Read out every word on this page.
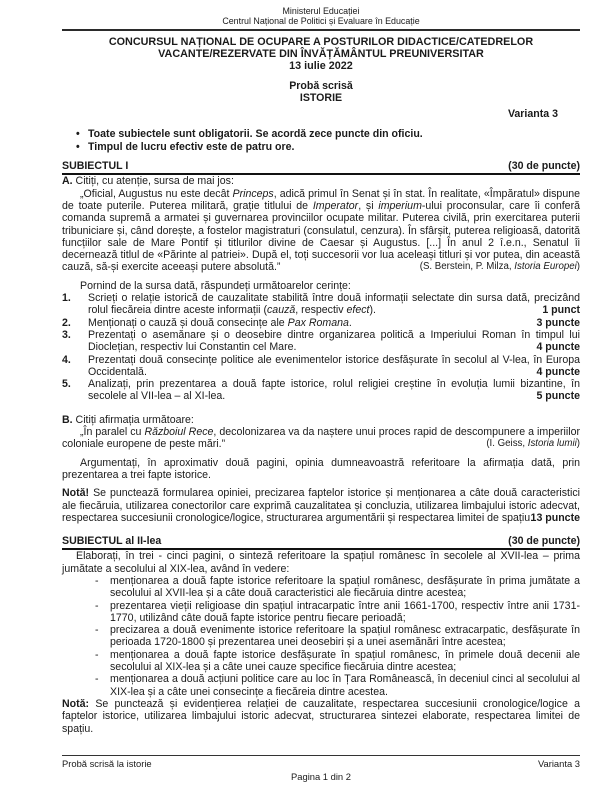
Ministerul Educației
Centrul Național de Politici și Evaluare în Educație
CONCURSUL NAȚIONAL DE OCUPARE A POSTURILOR DIDACTICE/CATEDRELOR
VACANTE/REZERVATE DIN ÎNVĂȚĂMÂNTUL PREUNIVERSITAR
13 iulie 2022
Probă scrisă
ISTORIE
Varianta 3
• Toate subiectele sunt obligatorii. Se acordă zece puncte din oficiu.
• Timpul de lucru efectiv este de patru ore.
SUBIECTUL I	(30 de puncte)

A. Citiți, cu atenție, sursa de mai jos:

„Oficial, Augustus nu este decât Princeps, adică primul în Senat și în stat. În realitate, «Împăratul» dispune de toate puterile. Puterea militară, grație titlului de Imperator, și imperium-ului proconsular, care îi conferă comanda supremă a armatei și guvernarea provinciilor ocupate militar. Puterea civilă, prin exercitarea puterii tribuniciare și, când dorește, a fostelor magistraturi (consulatul, cenzura). În sfârșit, puterea religioasă, datorită funcțiilor sale de Mare Pontif și titlurilor divine de Caesar și Augustus. [...] În anul 2 î.e.n., Senatul îi decernează titlul de «Părinte al patriei». După el, toți succesorii vor lua aceleași titluri și vor putea, din această cauză, să-și exercite aceeași putere absolută.”	(S. Berstein, P. Milza, Istoria Europei)

Pornind de la sursa dată, răspundeți următoarelor cerințe:

1. Scrieți o relație istorică de cauzalitate stabilită între două informații selectate din sursa dată, precizând rolul fiecăreia dintre aceste informații (cauză, respectiv efect).	1 punct
2. Menționați o cauză și două consecințe ale Pax Romana.	3 puncte
3. Prezentați o asemănare și o deosebire dintre organizarea politică a Imperiului Roman în timpul lui Dioclețian, respectiv lui Constantin cel Mare.	4 puncte
4. Prezentați două consecințe politice ale evenimentelor istorice desfășurate în secolul al V-lea, în Europa Occidentală.	4 puncte
5. Analizați, prin prezentarea a două fapte istorice, rolul religiei creștine în evoluția lumii bizantine, în secolele al VII-lea – al XI-lea.	5 puncte

B. Citiți afirmația următoare:

„În paralel cu Războiul Rece, decolonizarea va da naștere unui proces rapid de descompunere a imperiilor coloniale europene de peste mări.”	(I. Geiss, Istoria lumii)

Argumentați, în aproximativ două pagini, opinia dumneavoastră referitoare la afirmația dată, prin prezentarea a trei fapte istorice.

Notă! Se punctează formularea opiniei, precizarea faptelor istorice și menționarea a câte două caracteristici ale fiecăruia, utilizarea conectorilor care exprimă cauzalitatea și concluzia, utilizarea limbajului istoric adecvat, respectarea succesiunii cronologice/logice, structurarea argumentării și respectarea limitei de spațiu.

13 puncte
SUBIECTUL al II-lea	(30 de puncte)

Elaborați, în trei - cinci pagini, o sinteză referitoare la spațiul românesc în secolele al XVII-lea – prima jumătate a secolului al XIX-lea, având în vedere:

- menționarea a două fapte istorice referitoare la spațiul românesc, desfășurate în prima jumătate a secolului al XVII-lea și a câte două caracteristici ale fiecăruia dintre acestea;

- prezentarea vieții religioase din spațiul intracarpatic între anii 1661-1700, respectiv între anii 1731-1770, utilizând câte două fapte istorice pentru fiecare perioadă;

- precizarea a două evenimente istorice referitoare la spațiul românesc extracarpatic, desfășurate în perioada 1720-1800 și prezentarea unei deosebiri și a unei asemănări între acestea;

- menționarea a două fapte istorice desfășurate în spațiul românesc, în primele două decenii ale secolului al XIX-lea și a câte unei cauze specifice fiecăruia dintre acestea;

- menționarea a două acțiuni politice care au loc în Țara Românească, în deceniul cinci al secolului al XIX-lea și a câte unei consecințe a fiecăreia dintre acestea.

Notă: Se punctează și evidențierea relației de cauzalitate, respectarea succesiunii cronologice/logice a faptelor istorice, utilizarea limbajului istoric adecvat, structurarea sintezei elaborate, respectarea limitei de spațiu.

Probă scrisă la istorie	Varianta 3
Pagina 1 din 2
